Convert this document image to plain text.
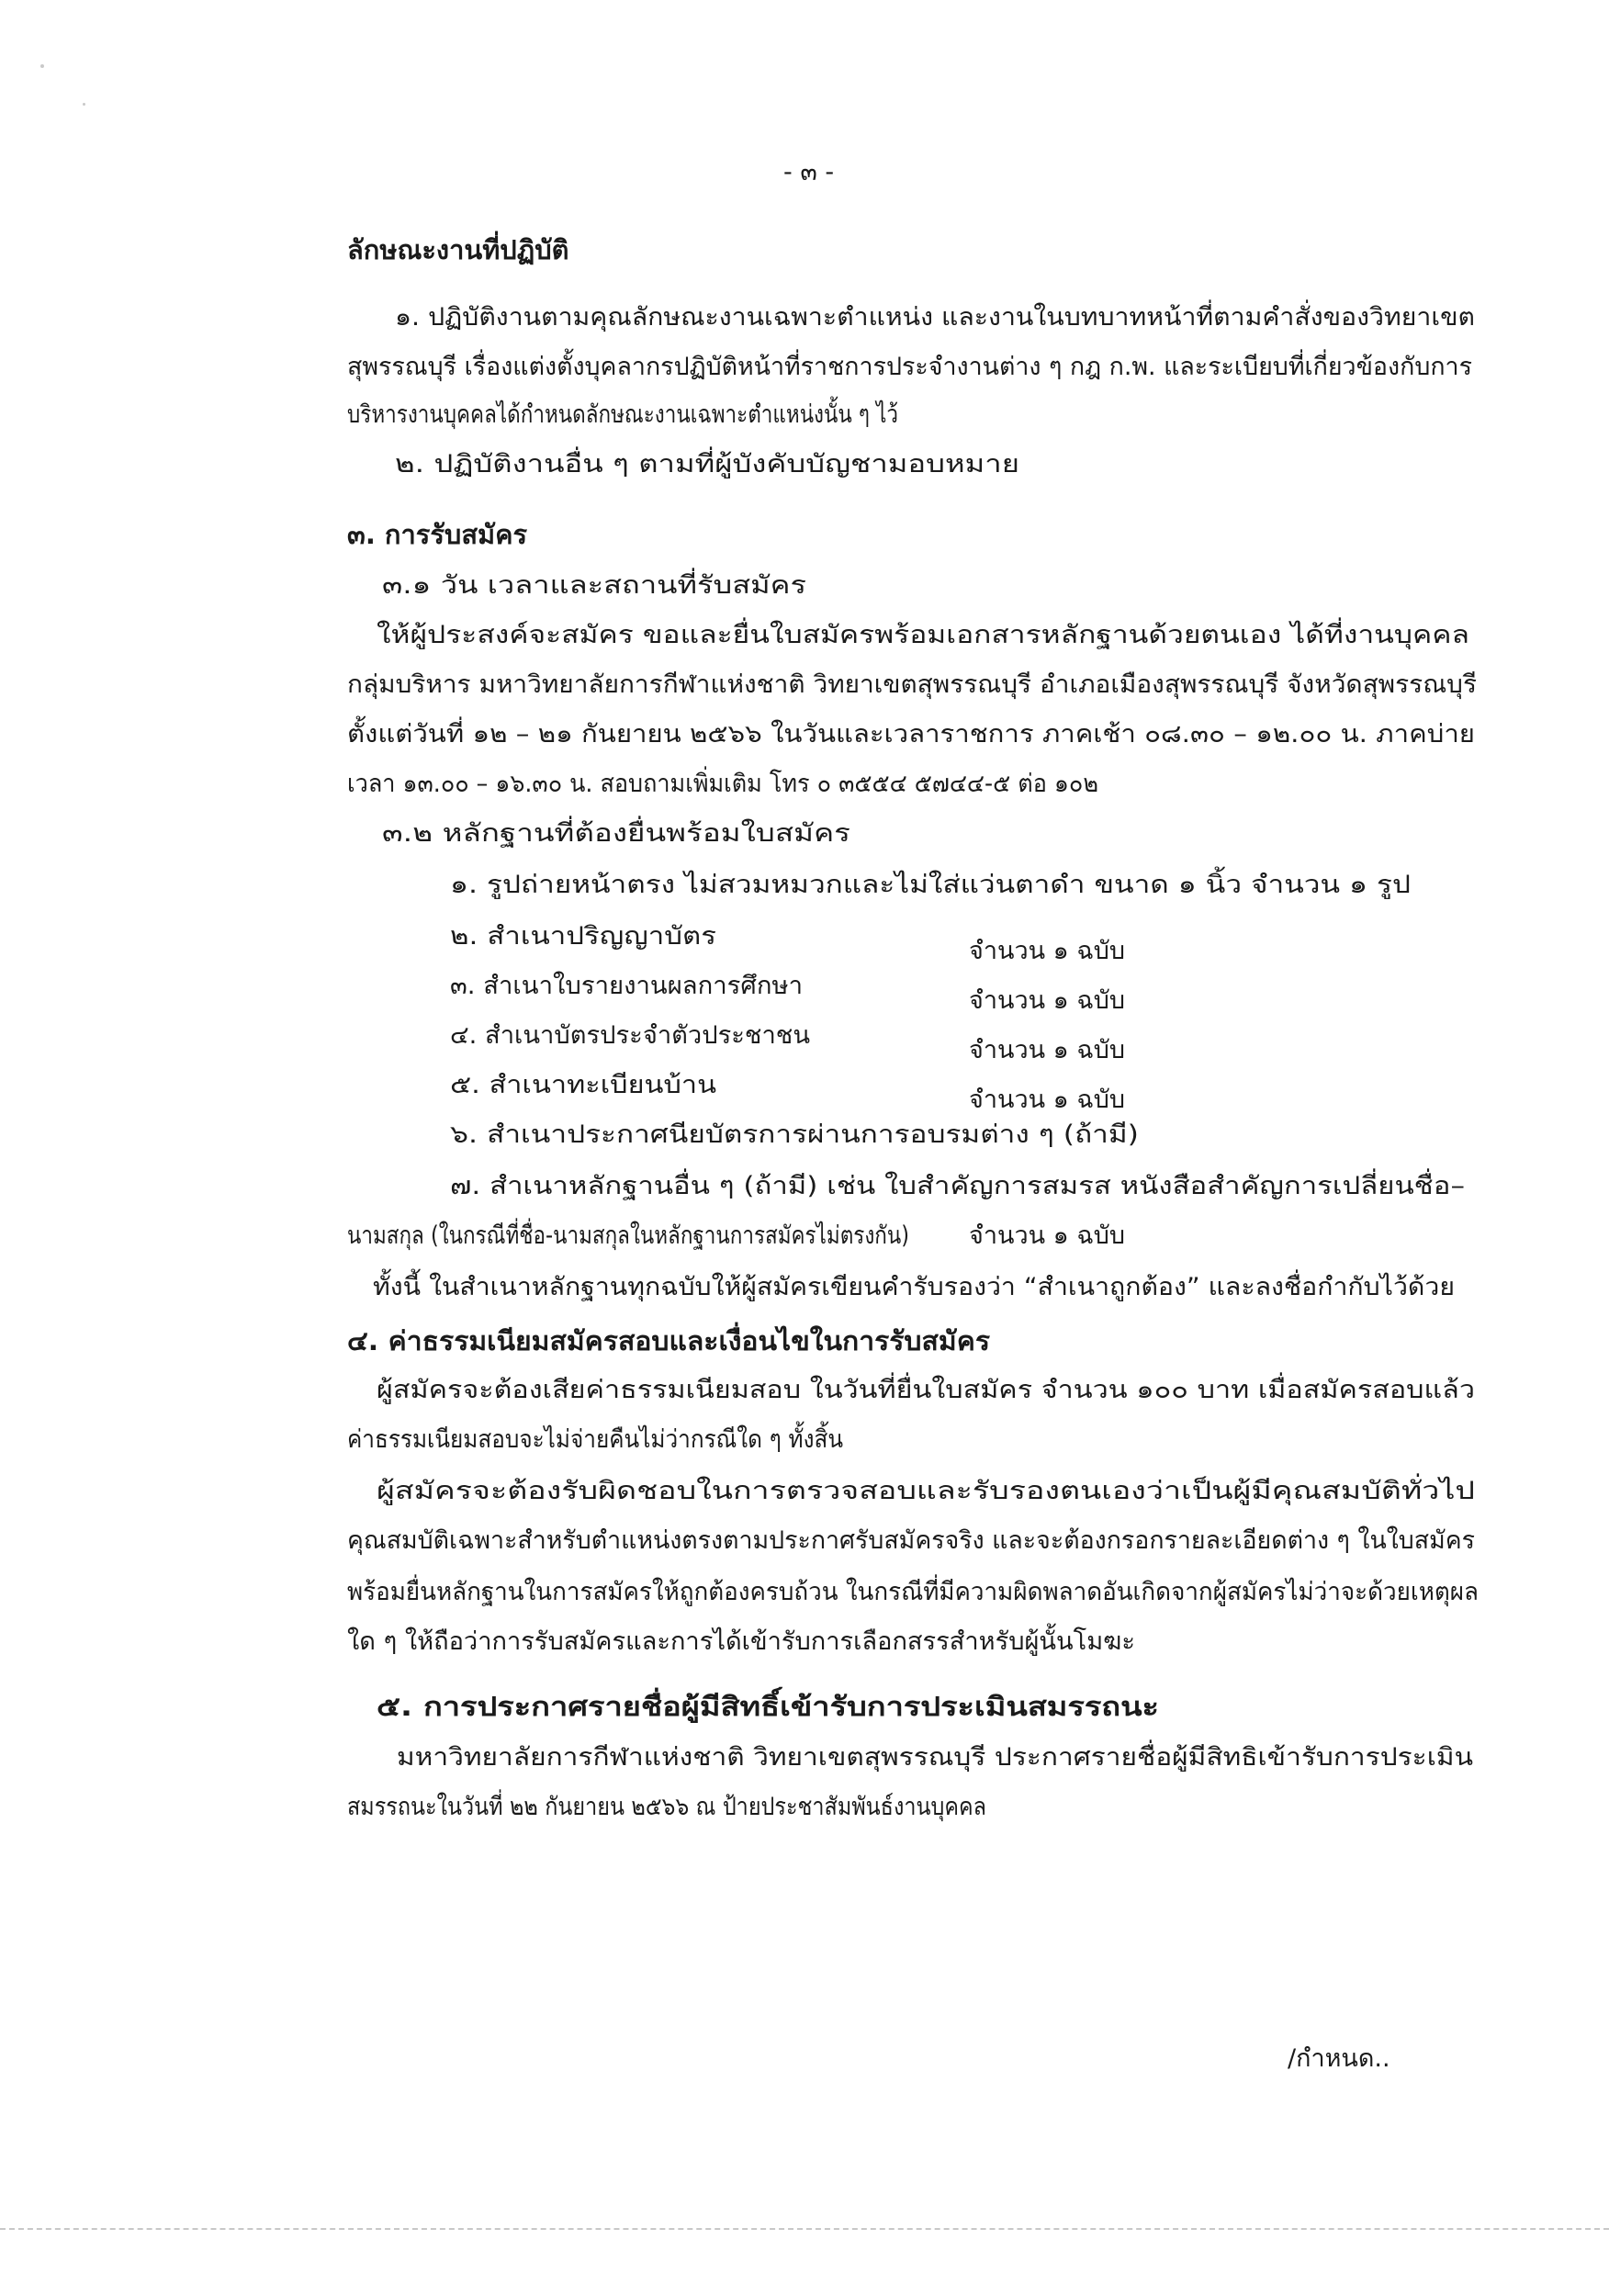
- ๓ -
ลักษณะงานที่ปฏิบัติ
๑. ปฏิบัติงานตามคุณลักษณะงานเฉพาะตำแหน่ง และงานในบทบาทหน้าที่ตามคำสั่งของวิทยาเขต
สุพรรณบุรี เรื่องแต่งตั้งบุคลากรปฏิบัติหน้าที่ราชการประจำงานต่าง ๆ กฎ ก.พ. และระเบียบที่เกี่ยวข้องกับการ
บริหารงานบุคคลได้กำหนดลักษณะงานเฉพาะตำแหน่งนั้น ๆ ไว้
๒. ปฏิบัติงานอื่น ๆ ตามที่ผู้บังคับบัญชามอบหมาย
๓. การรับสมัคร
๓.๑ วัน เวลาและสถานที่รับสมัคร
ให้ผู้ประสงค์จะสมัคร ขอและยื่นใบสมัครพร้อมเอกสารหลักฐานด้วยตนเอง ได้ที่งานบุคคล
กลุ่มบริหาร มหาวิทยาลัยการกีฬาแห่งชาติ วิทยาเขตสุพรรณบุรี อำเภอเมืองสุพรรณบุรี จังหวัดสุพรรณบุรี
ตั้งแต่วันที่ ๑๒ – ๒๑ กันยายน ๒๕๖๖ ในวันและเวลาราชการ ภาคเช้า ๐๘.๓๐ – ๑๒.๐๐ น. ภาคบ่าย
เวลา ๑๓.๐๐ – ๑๖.๓๐ น. สอบถามเพิ่มเติม โทร ๐ ๓๕๕๔ ๕๗๔๔-๕ ต่อ ๑๐๒
๓.๒ หลักฐานที่ต้องยื่นพร้อมใบสมัคร
๑. รูปถ่ายหน้าตรง ไม่สวมหมวกและไม่ใส่แว่นตาดำ ขนาด ๑ นิ้ว จำนวน ๑ รูป
๒. สำเนาปริญญาบัตร
จำนวน ๑ ฉบับ
๓. สำเนาใบรายงานผลการศึกษา
จำนวน ๑ ฉบับ
๔. สำเนาบัตรประจำตัวประชาชน
จำนวน ๑ ฉบับ
๕. สำเนาทะเบียนบ้าน
จำนวน ๑ ฉบับ
๖. สำเนาประกาศนียบัตรการผ่านการอบรมต่าง ๆ (ถ้ามี)
๗. สำเนาหลักฐานอื่น ๆ (ถ้ามี) เช่น ใบสำคัญการสมรส หนังสือสำคัญการเปลี่ยนชื่อ–
นามสกุล (ในกรณีที่ชื่อ-นามสกุลในหลักฐานการสมัครไม่ตรงกัน) จำนวน ๑ ฉบับ
ทั้งนี้ ในสำเนาหลักฐานทุกฉบับให้ผู้สมัครเขียนคำรับรองว่า “สำเนาถูกต้อง” และลงชื่อกำกับไว้ด้วย
๔. ค่าธรรมเนียมสมัครสอบและเงื่อนไขในการรับสมัคร
ผู้สมัครจะต้องเสียค่าธรรมเนียมสอบ ในวันที่ยื่นใบสมัคร จำนวน ๑๐๐ บาท เมื่อสมัครสอบแล้ว
ค่าธรรมเนียมสอบจะไม่จ่ายคืนไม่ว่ากรณีใด ๆ ทั้งสิ้น
ผู้สมัครจะต้องรับผิดชอบในการตรวจสอบและรับรองตนเองว่าเป็นผู้มีคุณสมบัติทั่วไป
คุณสมบัติเฉพาะสำหรับตำแหน่งตรงตามประกาศรับสมัครจริง และจะต้องกรอกรายละเอียดต่าง ๆ ในใบสมัคร
พร้อมยื่นหลักฐานในการสมัครให้ถูกต้องครบถ้วน ในกรณีที่มีความผิดพลาดอันเกิดจากผู้สมัครไม่ว่าจะด้วยเหตุผล
ใด ๆ ให้ถือว่าการรับสมัครและการได้เข้ารับการเลือกสรรสำหรับผู้นั้นโมฆะ
๕. การประกาศรายชื่อผู้มีสิทธิ์เข้ารับการประเมินสมรรถนะ
มหาวิทยาลัยการกีฬาแห่งชาติ วิทยาเขตสุพรรณบุรี ประกาศรายชื่อผู้มีสิทธิเข้ารับการประเมิน
สมรรถนะในวันที่ ๒๒ กันยายน ๒๕๖๖ ณ ป้ายประชาสัมพันธ์งานบุคคล
/กำหนด..
